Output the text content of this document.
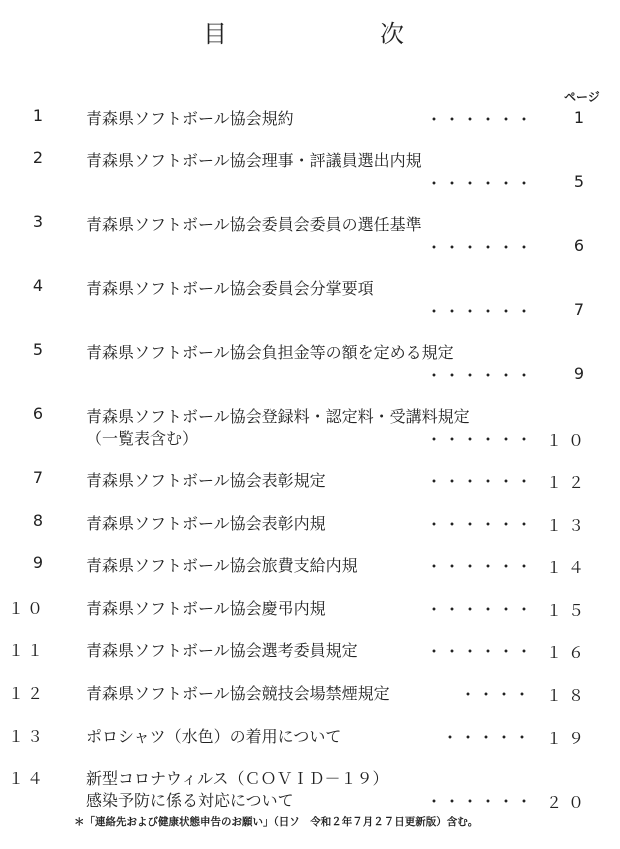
目	次
ページ
1	青森県ソフトボール協会規約	・・・・・・ 1
2	青森県ソフトボール協会理事・評議員選出内規
・・・・・・ 5
3	青森県ソフトボール協会委員会委員の選任基準
・・・・・・ 6
4	青森県ソフトボール協会委員会分掌要項
・・・・・・ 7
5	青森県ソフトボール協会負担金等の額を定める規定
・・・・・・ 9
6	青森県ソフトボール協会登録料・認定料・受講料規定
（一覧表含む）	・・・・・・ １０
7	青森県ソフトボール協会表彰規定	・・・・・・ １２
8	青森県ソフトボール協会表彰内規	・・・・・・ １３
9	青森県ソフトボール協会旅費支給内規	・・・・・・ １４
１０	青森県ソフトボール協会慶弔内規	・・・・・・ １５
１１	青森県ソフトボール協会選考委員規定	・・・・・・ １６
１２	青森県ソフトボール協会競技会場禁煙規定	・・・・ １８
１３	ポロシャツ（水色）の着用について	・・・・・ １９
１４	新型コロナウィルス（ＣＯＶＩＤ－１９）
感染予防に係る対応について	・・・・・・ ２０
＊「連絡先および健康状態申告のお願い」（日ソ　令和２年７月２７日更新版）含む。
